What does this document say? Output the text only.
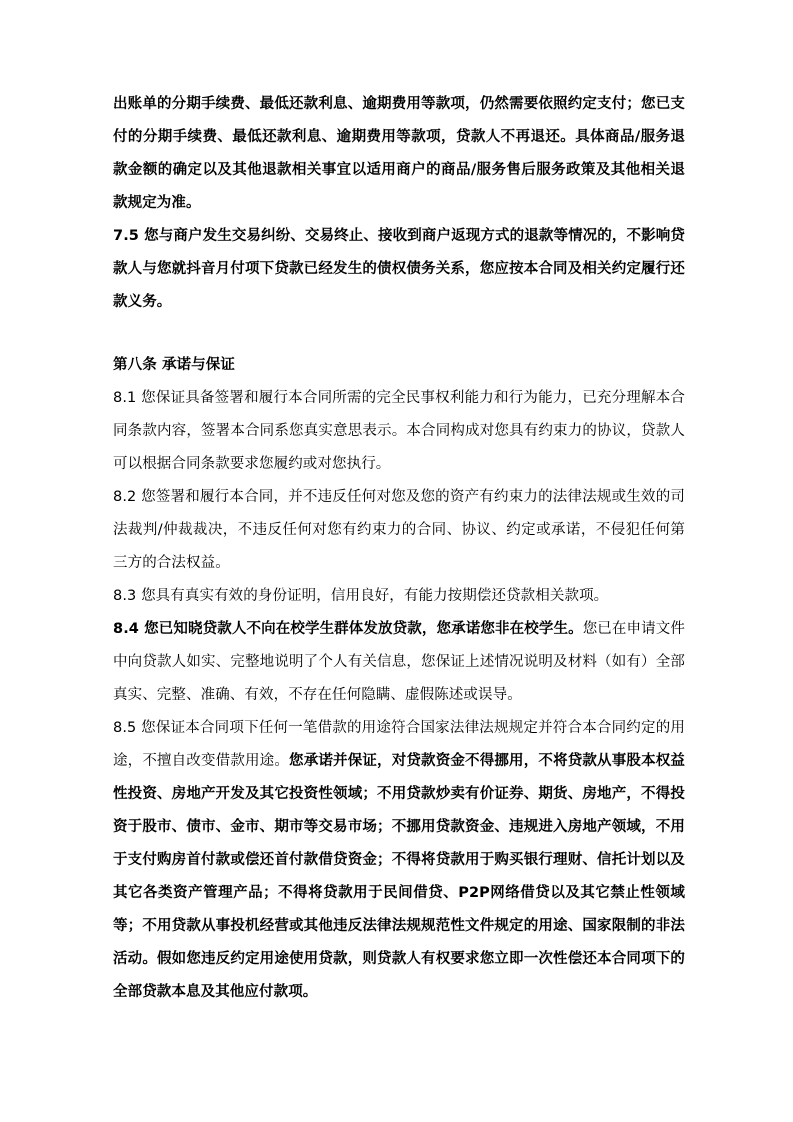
出账单的分期手续费、最低还款利息、逾期费用等款项，仍然需要依照约定支付；您已支付的分期手续费、最低还款利息、逾期费用等款项，贷款人不再退还。具体商品/服务退款金额的确定以及其他退款相关事宜以适用商户的商品/服务售后服务政策及其他相关退款规定为准。

7.5 您与商户发生交易纠纷、交易终止、接收到商户返现方式的退款等情况的，不影响贷款人与您就抖音月付项下贷款已经发生的债权债务关系，您应按本合同及相关约定履行还款义务。

第八条 承诺与保证

8.1 您保证具备签署和履行本合同所需的完全民事权利能力和行为能力，已充分理解本合同条款内容，签署本合同系您真实意思表示。本合同构成对您具有约束力的协议，贷款人可以根据合同条款要求您履约或对您执行。

8.2 您签署和履行本合同，并不违反任何对您及您的资产有约束力的法律法规或生效的司法裁判/仲裁裁决，不违反任何对您有约束力的合同、协议、约定或承诺，不侵犯任何第三方的合法权益。

8.3 您具有真实有效的身份证明，信用良好，有能力按期偿还贷款相关款项。

8.4 您已知晓贷款人不向在校学生群体发放贷款，您承诺您非在校学生。您已在申请文件中向贷款人如实、完整地说明了个人有关信息，您保证上述情况说明及材料（如有）全部真实、完整、准确、有效，不存在任何隐瞒、虚假陈述或误导。

8.5 您保证本合同项下任何一笔借款的用途符合国家法律法规规定并符合本合同约定的用途，不擅自改变借款用途。您承诺并保证，对贷款资金不得挪用，不将贷款从事股本权益性投资、房地产开发及其它投资性领域；不用贷款炒卖有价证券、期货、房地产，不得投资于股市、债市、金市、期市等交易市场；不挪用贷款资金、违规进入房地产领域，不用于支付购房首付款或偿还首付款借贷资金；不得将贷款用于购买银行理财、信托计划以及其它各类资产管理产品；不得将贷款用于民间借贷、P2P网络借贷以及其它禁止性领域等；不用贷款从事投机经营或其他违反法律法规规范性文件规定的用途、国家限制的非法活动。假如您违反约定用途使用贷款，则贷款人有权要求您立即一次性偿还本合同项下的全部贷款本息及其他应付款项。
